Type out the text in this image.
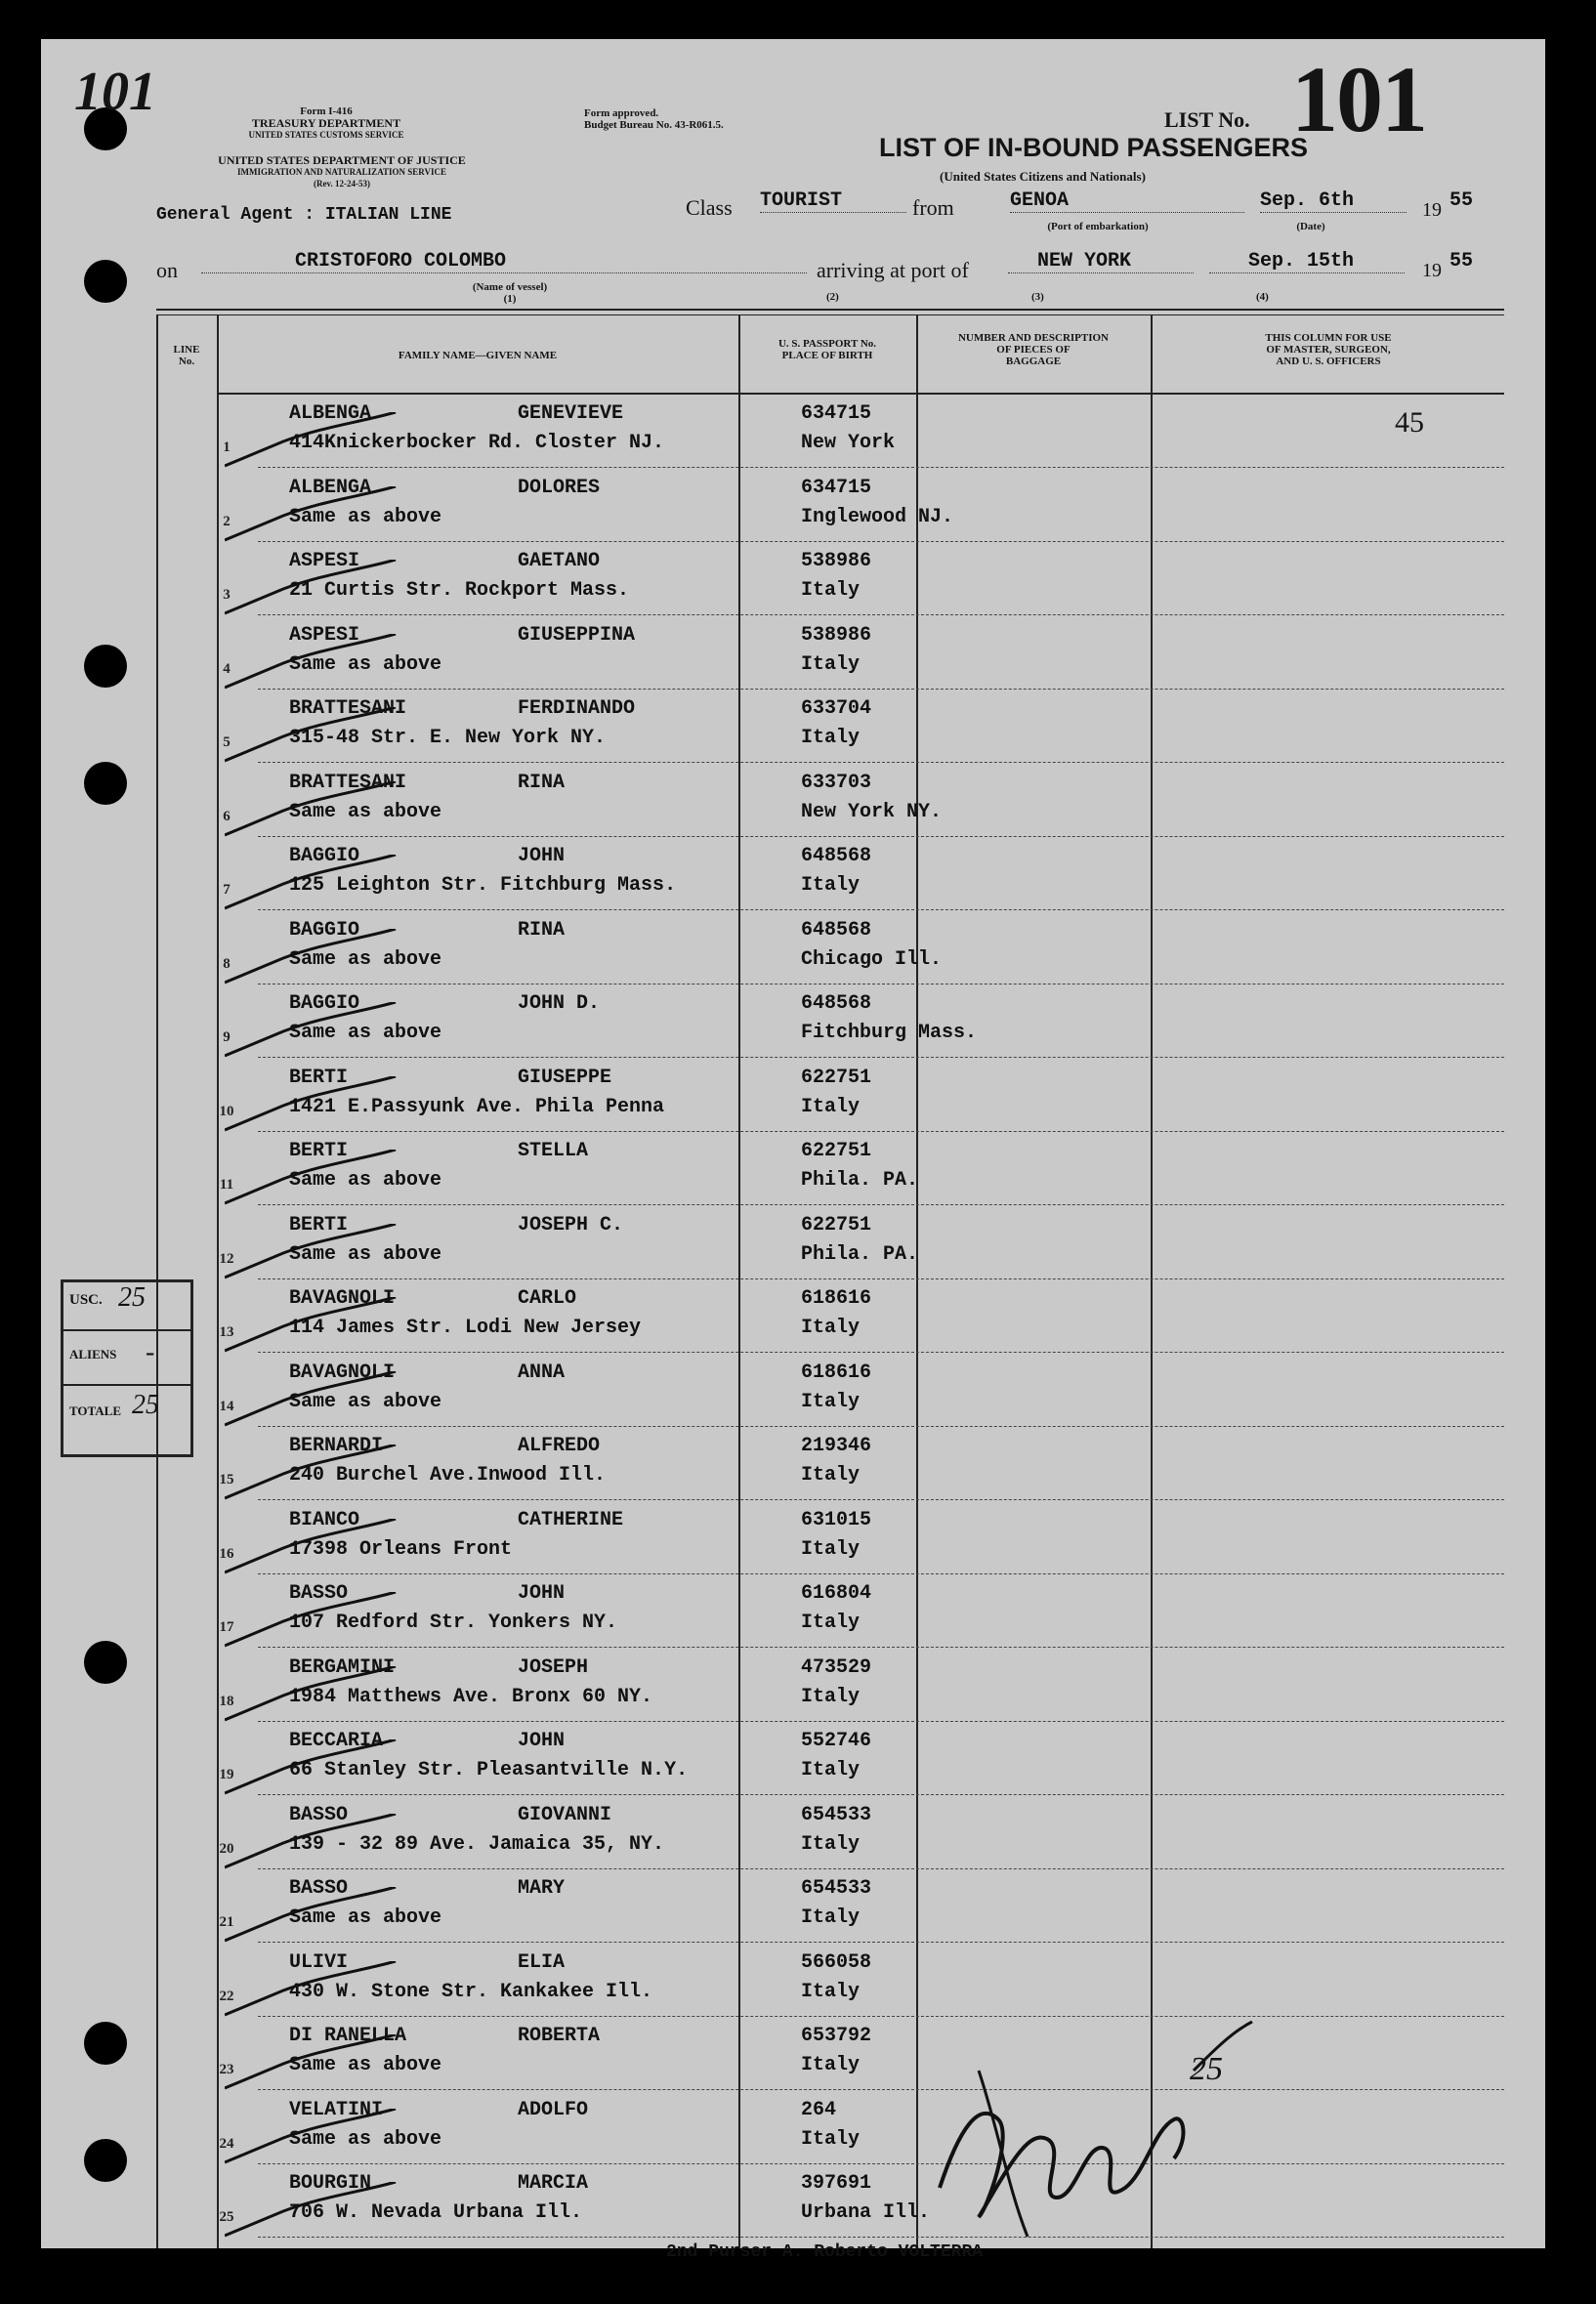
101	Form I-416
TREASURY DEPARTMENT
UNITED STATES CUSTOMS SERVICE
UNITED STATES DEPARTMENT OF JUSTICE
IMMIGRATION AND NATURALIZATION SERVICE
(Rev. 12-24-53)
Form approved.
Budget Bureau No. 43-R061.5.	LIST No. 101
LIST OF IN-BOUND PASSENGERS
(United States Citizens and Nationals)
General Agent : ITALIAN LINE	Class TOURIST	from	GENOA
(Port of embarkation)
Sep. 6th
(Date)
19 55
on	CRISTOFORO COLOMBO
(Name of vessel)
(1)
arriving at port of	NEW YORK	Sep. 15th	19 55
(2)	(3)	(4)
LINE
No.	FAMILY NAME—GIVEN NAME
U. S. PASSPORT No.
PLACE OF BIRTH
NUMBER AND DESCRIPTION
OF PIECES OF
BAGGAGE
THIS COLUMN FOR USE
OF MASTER, SURGEON,
AND U. S. OFFICERS
45
1
ALBENGA	GENEVIEVE
414Knickerbocker Rd. Closter NJ.
634715
New York
2
ALBENGA	DOLORES
Same as above
634715
Inglewood NJ.
3
ASPESI	GAETANO
21 Curtis Str. Rockport Mass.
538986
Italy
4
ASPESI	GIUSEPPINA
Same as above
538986
Italy
5
BRATTESANI	FERDINANDO
315-48 Str. E. New York NY.
633704
Italy
6
BRATTESANI	RINA
Same as above
633703
New York NY.
7
BAGGIO	JOHN
125 Leighton Str. Fitchburg Mass.
648568
Italy
8
BAGGIO	RINA
Same as above
648568
Chicago Ill.
9
BAGGIO	JOHN D.
Same as above
648568
Fitchburg Mass.
10
BERTI	GIUSEPPE
1421 E.Passyunk Ave. Phila Penna
622751
Italy
11
BERTI	STELLA
Same as above
622751
Phila. PA.
12
BERTI	JOSEPH C.
Same as above
622751
Phila. PA.
13
BAVAGNOLI	CARLO
114 James Str. Lodi New Jersey
618616
Italy
14
BAVAGNOLI	ANNA
Same as above
618616
Italy
15
BERNARDI	ALFREDO
240 Burchel Ave.Inwood Ill.
219346
Italy
16
BIANCO	CATHERINE
17398 Orleans Front
631015
Italy
17
BASSO	JOHN
107 Redford Str. Yonkers NY.
616804
Italy
18
BERGAMINI	JOSEPH
1984 Matthews Ave. Bronx 60 NY.
473529
Italy
19
BECCARIA	JOHN
66 Stanley Str. Pleasantville N.Y.
552746
Italy
20
BASSO	GIOVANNI
139 - 32 89 Ave. Jamaica 35, NY.
654533
Italy
21
BASSO	MARY
Same as above
654533
Italy
22
ULIVI	ELIA
430 W. Stone Str. Kankakee Ill.
566058
Italy
23
DI RANELLA	ROBERTA
Same as above
653792
Italy
24
VELATINI	ADOLFO
Same as above
264
Italy
25
BOURGIN	MARCIA
706 W. Nevada Urbana Ill.
397691
Urbana Ill.
USC. 25
ALIENS -
TOTALE 25
25
2nd Purser A. Roberto VOLTERRA
